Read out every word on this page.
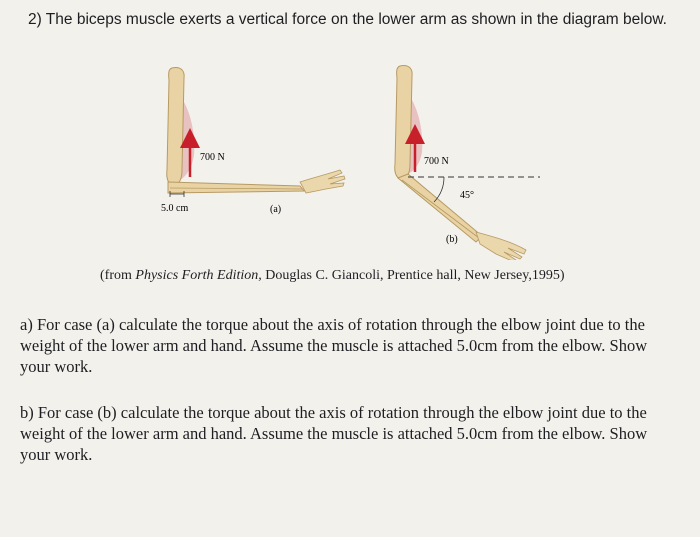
2) The biceps muscle exerts a vertical force on the lower arm as shown in the diagram below.
700 N
5.0 cm	(a)
700 N
45°
(b)
(from Physics Forth Edition, Douglas C. Giancoli, Prentice hall, New Jersey,1995)
a) For case (a) calculate the torque about the axis of rotation through the elbow joint due to the weight of the lower arm and hand. Assume the muscle is attached 5.0cm from the elbow. Show your work.
b) For case (b) calculate the torque about the axis of rotation through the elbow joint due to the weight of the lower arm and hand. Assume the muscle is attached 5.0cm from the elbow. Show your work.
